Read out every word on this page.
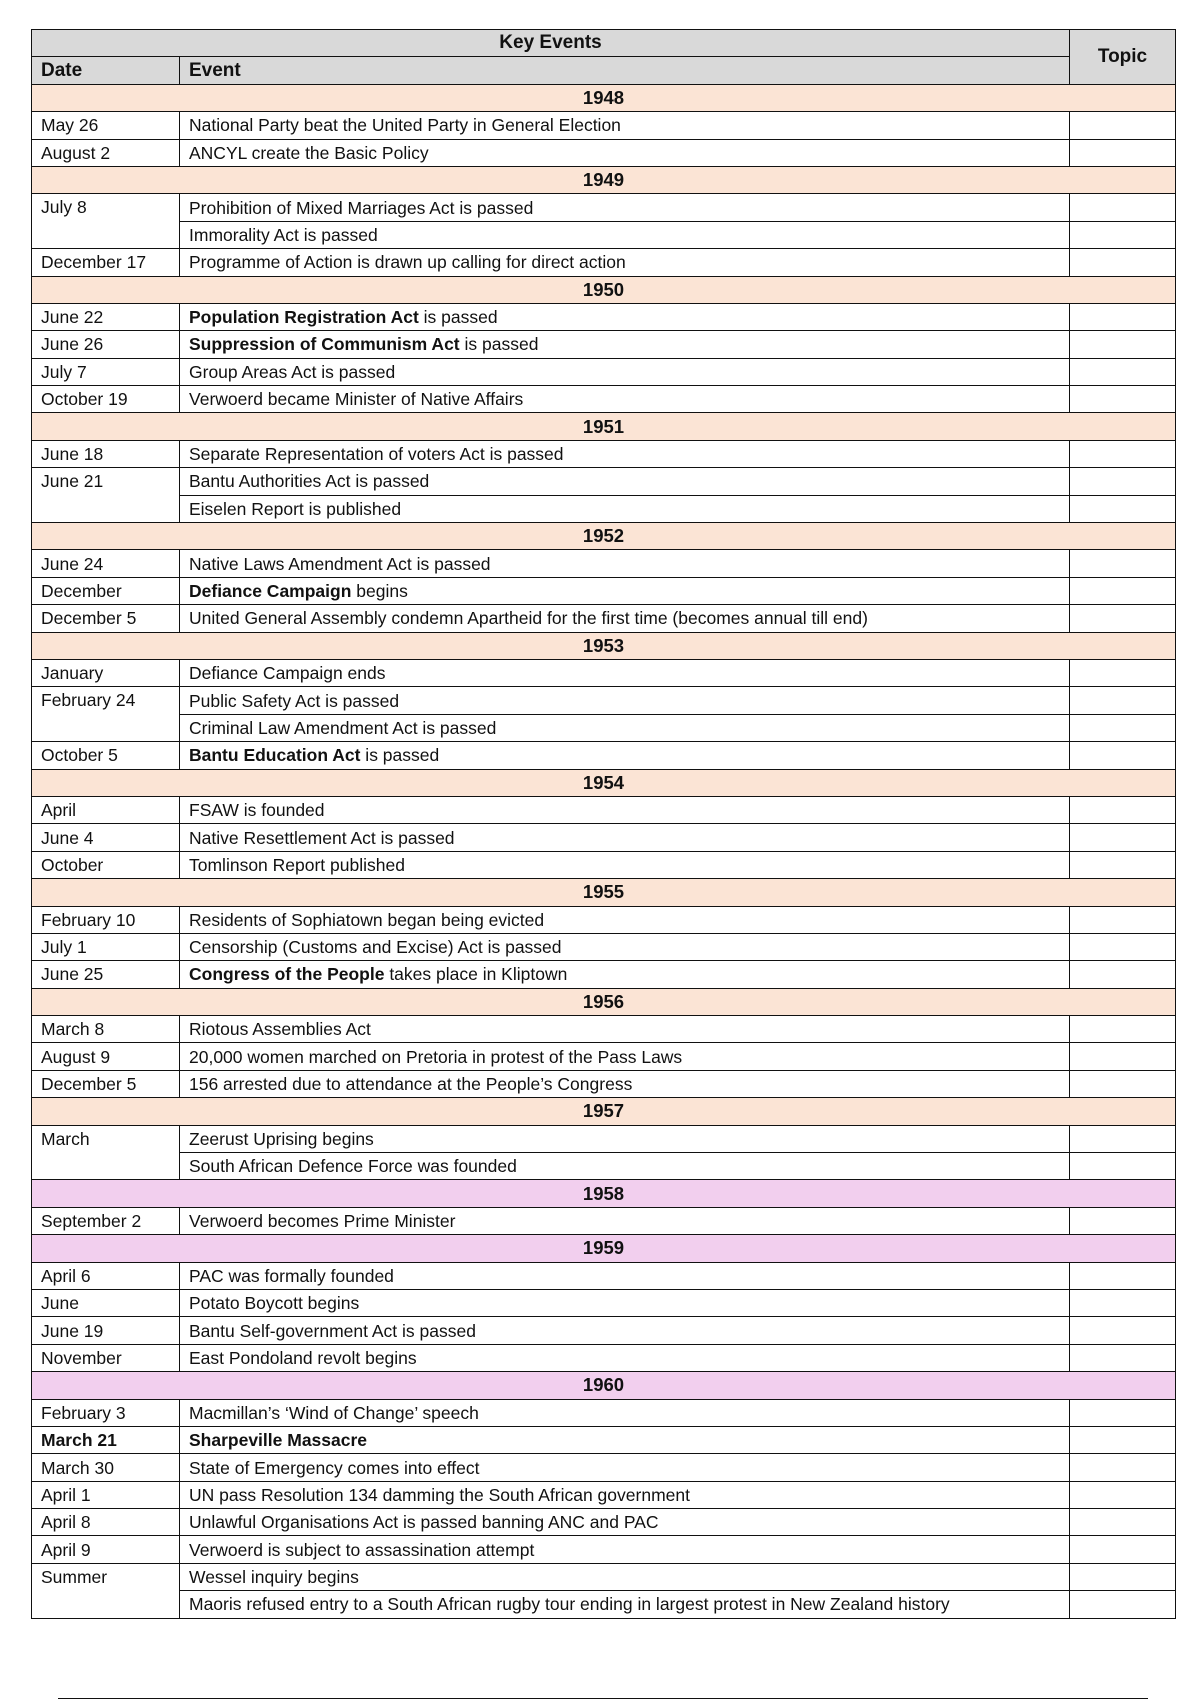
Key Events		Topic
Date	Event	
1948		
May 26	National Party beat the United Party in General Election	
August 2	ANCYL create the Basic Policy	
1949		
July 8	Prohibition of Mixed Marriages Act is passed	
	Immorality Act is passed	
December 17	Programme of Action is drawn up calling for direct action	
1950		
June 22	Population Registration Act is passed	
June 26	Suppression of Communism Act is passed	
July 7	Group Areas Act is passed	
October 19	Verwoerd became Minister of Native Affairs	
1951		
June 18	Separate Representation of voters Act is passed	
June 21	Bantu Authorities Act is passed	
	Eiselen Report is published	
1952		
June 24	Native Laws Amendment Act is passed	
December	Defiance Campaign begins	
December 5	United General Assembly condemn Apartheid for the first time (becomes annual till end)	
1953		
January	Defiance Campaign ends	
February 24	Public Safety Act is passed	
	Criminal Law Amendment Act is passed	
October 5	Bantu Education Act is passed	
1954		
April	FSAW is founded	
June 4	Native Resettlement Act is passed	
October	Tomlinson Report published	
1955		
February 10	Residents of Sophiatown began being evicted	
July 1	Censorship (Customs and Excise) Act is passed	
June 25	Congress of the People takes place in Kliptown	
1956		
March 8	Riotous Assemblies Act	
August 9	20,000 women marched on Pretoria in protest of the Pass Laws	
December 5	156 arrested due to attendance at the People’s Congress	
1957		
March	Zeerust Uprising begins	
	South African Defence Force was founded	
1958		
September 2	Verwoerd becomes Prime Minister	
1959		
April 6	PAC was formally founded	
June	Potato Boycott begins	
June 19	Bantu Self-government Act is passed	
November	East Pondoland revolt begins	
1960		
February 3	Macmillan’s ‘Wind of Change’ speech	
March 21	Sharpeville Massacre	
March 30	State of Emergency comes into effect	
April 1	UN pass Resolution 134 damming the South African government	
April 8	Unlawful Organisations Act is passed banning ANC and PAC	
April 9	Verwoerd is subject to assassination attempt	
Summer	Wessel inquiry begins	
	Maoris refused entry to a South African rugby tour ending in largest protest in New Zealand history	
